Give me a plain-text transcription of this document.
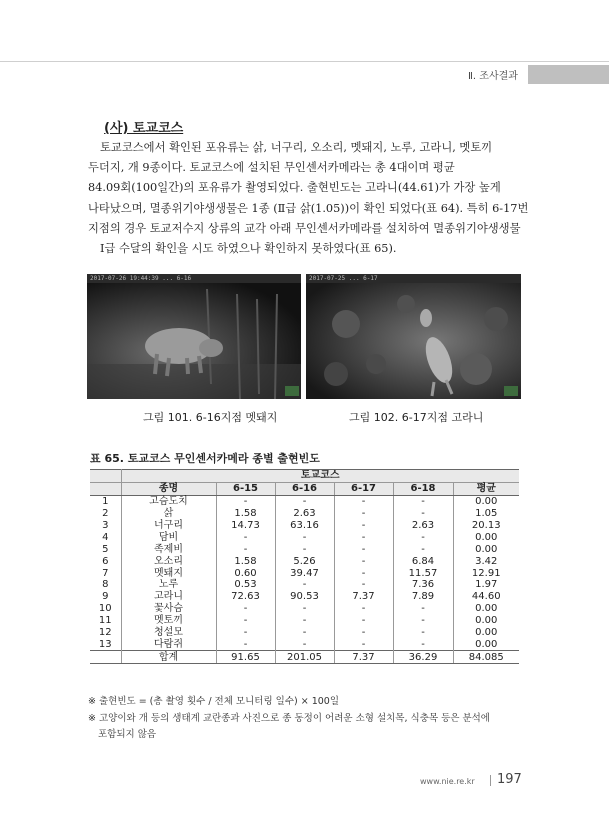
Ⅱ. 조사결과
(사) 토교코스
토교코스에서 확인된 포유류는 삵, 너구리, 오소리, 멧돼지, 노루, 고라니, 멧토끼
두더지, 개 9종이다. 토교코스에 설치된 무인센서카메라는 총 4대이며 평균
84.09회(100일간)의 포유류가 촬영되었다. 출현빈도는 고라니(44.61)가 가장 높게
나타났으며, 멸종위기야생생물은 1종 (Ⅱ급 삵(1.05))이 확인 되었다(표 64). 특히 6-17번
지점의 경우 토교저수지 상류의 교각 아래 무인센서카메라를 설치하여 멸종위기야생생물
Ⅰ급 수달의 확인을 시도 하였으나 확인하지 못하였다(표 65).
2017-07-26 19:44:39 ... 6-16	2017-07-25 ... 6-17
그림 101. 6-16지점 멧돼지	그림 102. 6-17지점 고라니
표 65. 토교코스 무인센서카메라 종별 출현빈도
	토교코스					
	종명	6-15	6-16	6-17	6-18	평균
1	고슴도치	-	-	-	-	0.00
2	삵	1.58	2.63	-	-	1.05
3	너구리	14.73	63.16	-	2.63	20.13
4	담비	-	-	-	-	0.00
5	족제비	-	-	-	-	0.00
6	오소리	1.58	5.26	-	6.84	3.42
7	멧돼지	0.60	39.47	-	11.57	12.91
8	노루	0.53	-	-	7.36	1.97
9	고라니	72.63	90.53	7.37	7.89	44.60
10	꽃사슴	-	-	-	-	0.00
11	멧토끼	-	-	-	-	0.00
12	청설모	-	-	-	-	0.00
13	다람쥐	-	-	-	-	0.00
	합계	91.65	201.05	7.37	36.29	84.085
※ 출현빈도 = (총 촬영 횟수 / 전체 모니터링 일수) × 100일
※ 고양이와 개 등의 생태계 교란종과 사진으로 종 동정이 어려운 소형 설치목, 식충목 등은 분석에
포함되지 않음
www.nie.re.kr 197
